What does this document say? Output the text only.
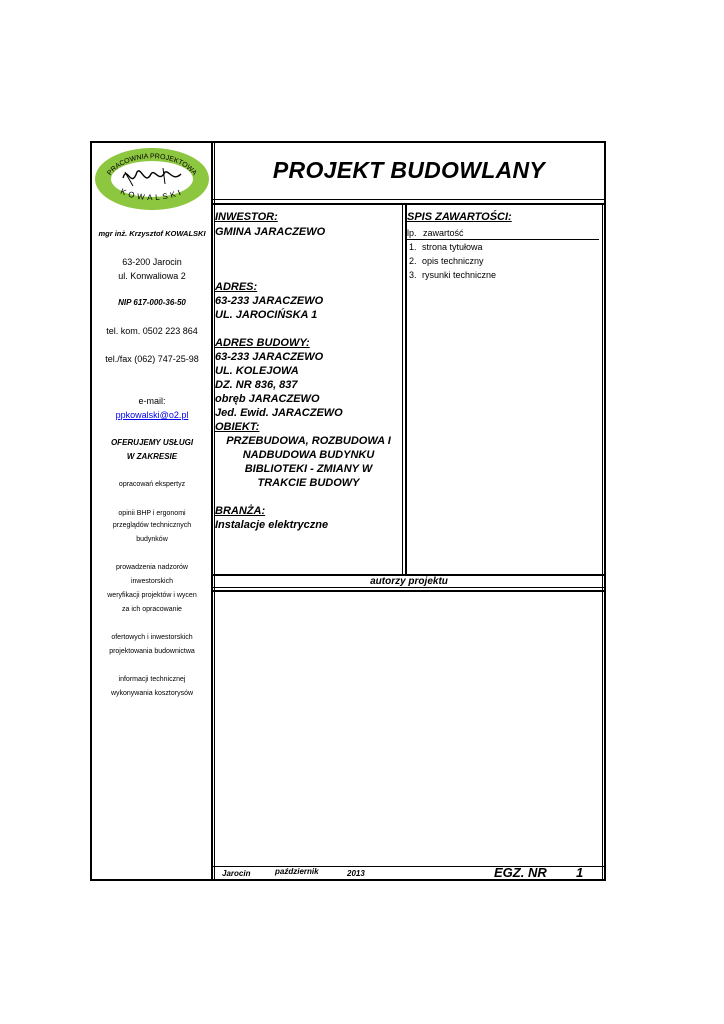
PRACOWNIA PROJEKTOWA
KOWALSKI
PROJEKT BUDOWLANY
mgr inż. Krzysztof KOWALSKI
63-200 Jarocin
ul. Konwaliowa 2
NIP 617-000-36-50
tel. kom. 0502 223 864
tel./fax (062) 747-25-98
e-mail:
ppkowalski@o2.pl
OFERUJEMY USŁUGI
W ZAKRESIE
opracowań ekspertyz
opinii BHP i ergonomi
przeglądów technicznych
budynków
prowadzenia nadzorów
inwestorskich
weryfikacji projektów i wycen
za ich opracowanie
ofertowych i inwestorskich
projektowania budownictwa
informacji technicznej
wykonywania kosztorysów
INWESTOR:
GMINA JARACZEWO
ADRES:
63-233 JARACZEWO
UL. JAROCIŃSKA 1
ADRES BUDOWY:
63-233 JARACZEWO
UL. KOLEJOWA
DZ. NR 836, 837
obręb JARACZEWO
Jed. Ewid. JARACZEWO
OBIEKT:
PRZEBUDOWA, ROZBUDOWA I
NADBUDOWA BUDYNKU
BIBLIOTEKI - ZMIANY W
TRAKCIE BUDOWY
BRANŻA:
Instalacje elektryczne
SPIS ZAWARTOŚCI:
lp. zawartość
1. strona tytułowa
2. opis techniczny
3. rysunki techniczne
autorzy projektu
Jarocin	październik	2013	EGZ. NR 1
